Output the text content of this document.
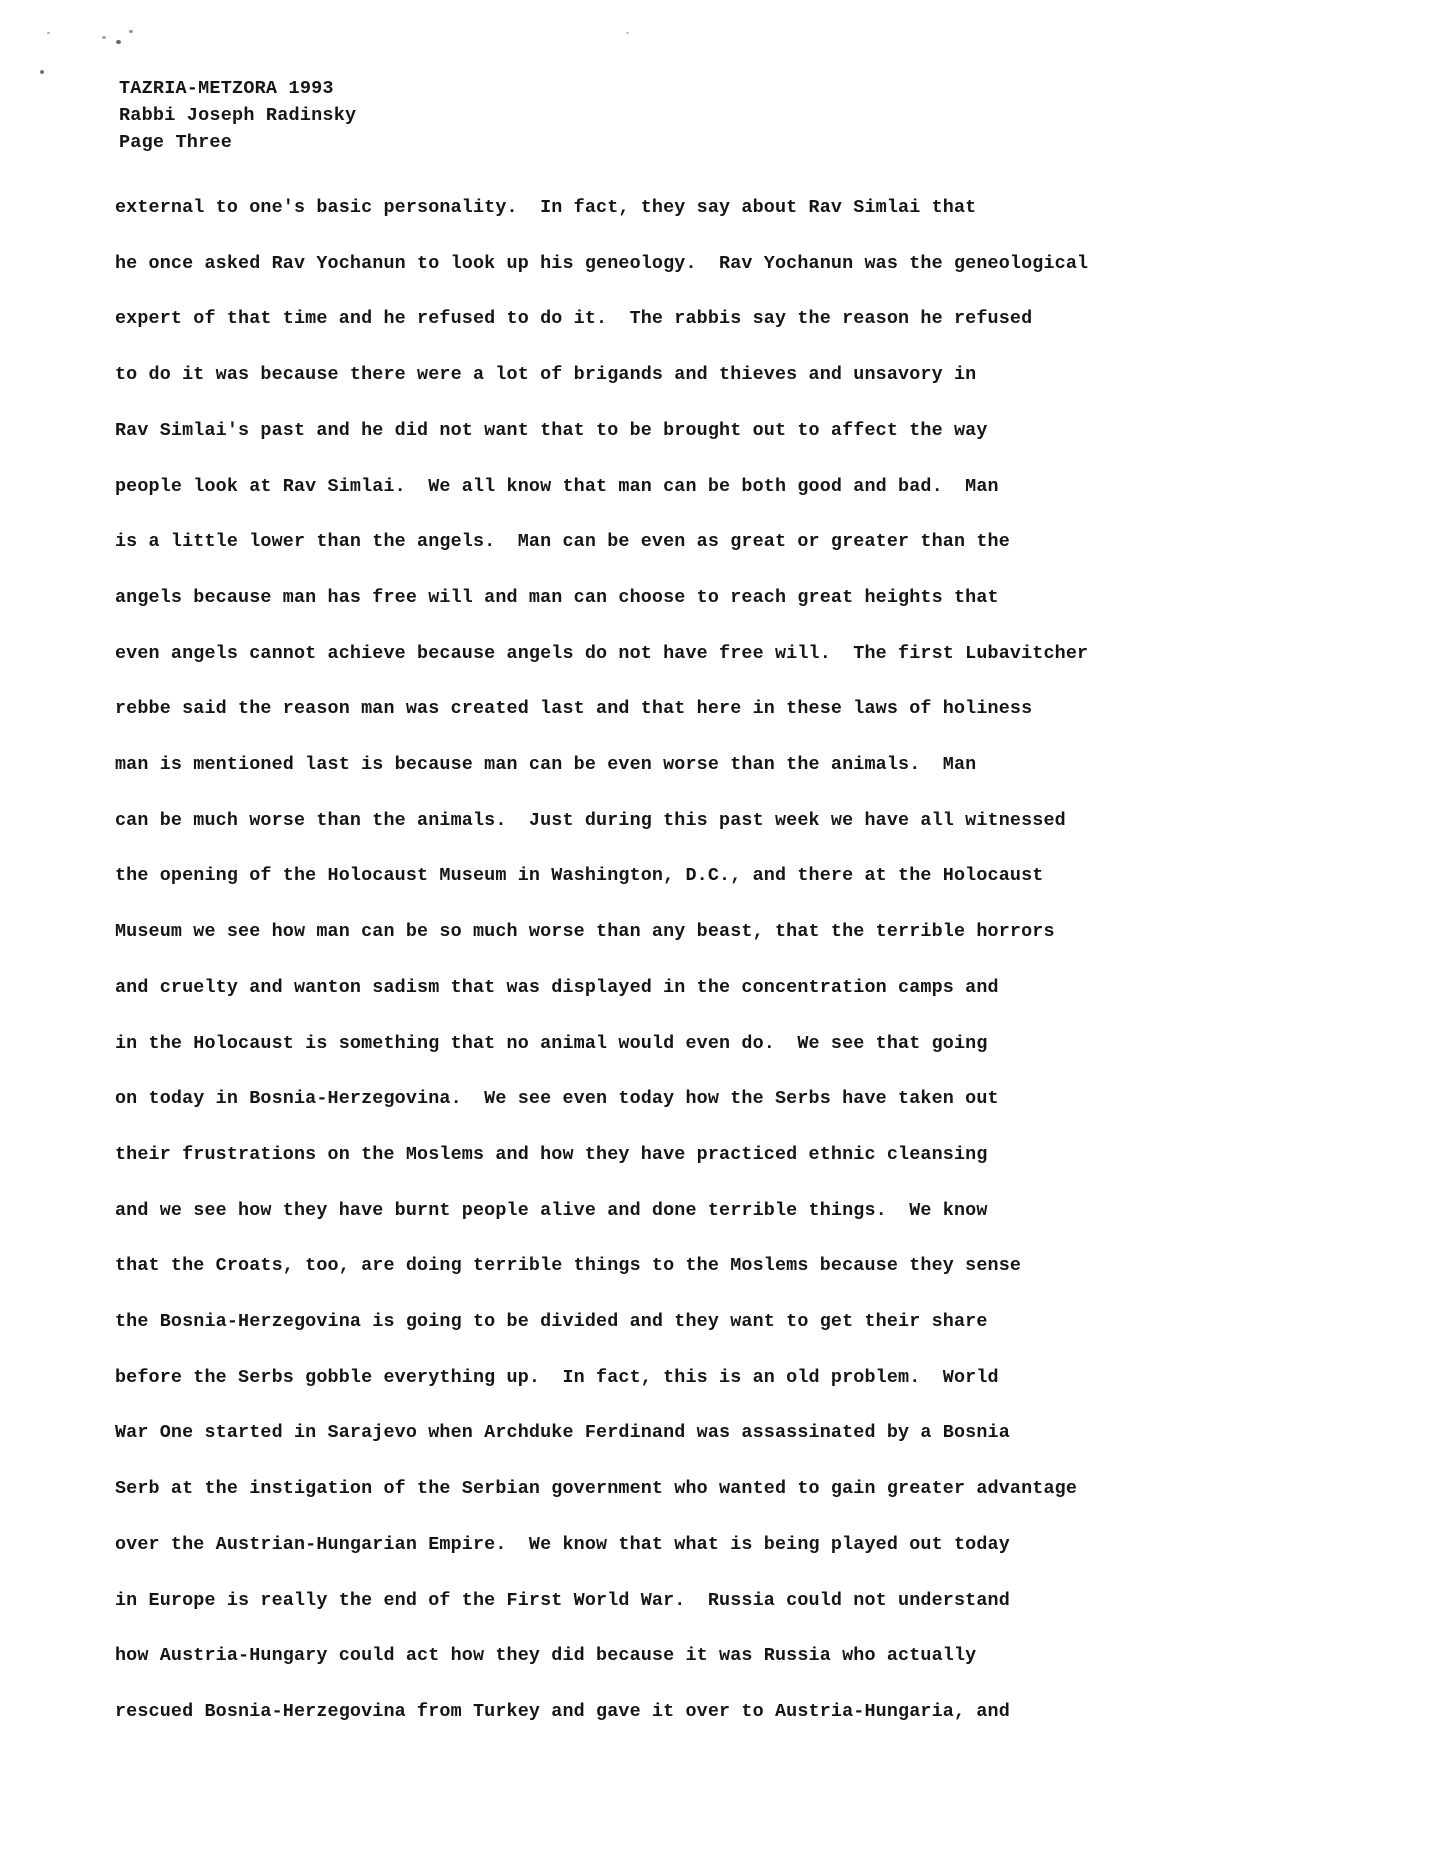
TAZRIA-METZORA 1993
Rabbi Joseph Radinsky
Page Three
external to one's basic personality.  In fact, they say about Rav Simlai that
he once asked Rav Yochanun to look up his geneology.  Rav Yochanun was the geneological
expert of that time and he refused to do it.  The rabbis say the reason he refused
to do it was because there were a lot of brigands and thieves and unsavory in
Rav Simlai's past and he did not want that to be brought out to affect the way
people look at Rav Simlai.  We all know that man can be both good and bad.  Man
is a little lower than the angels.  Man can be even as great or greater than the
angels because man has free will and man can choose to reach great heights that
even angels cannot achieve because angels do not have free will.  The first Lubavitcher
rebbe said the reason man was created last and that here in these laws of holiness
man is mentioned last is because man can be even worse than the animals.  Man
can be much worse than the animals.  Just during this past week we have all witnessed
the opening of the Holocaust Museum in Washington, D.C., and there at the Holocaust
Museum we see how man can be so much worse than any beast, that the terrible horrors
and cruelty and wanton sadism that was displayed in the concentration camps and
in the Holocaust is something that no animal would even do.  We see that going
on today in Bosnia-Herzegovina.  We see even today how the Serbs have taken out
their frustrations on the Moslems and how they have practiced ethnic cleansing
and we see how they have burnt people alive and done terrible things.  We know
that the Croats, too, are doing terrible things to the Moslems because they sense
the Bosnia-Herzegovina is going to be divided and they want to get their share
before the Serbs gobble everything up.  In fact, this is an old problem.  World
War One started in Sarajevo when Archduke Ferdinand was assassinated by a Bosnia
Serb at the instigation of the Serbian government who wanted to gain greater advantage
over the Austrian-Hungarian Empire.  We know that what is being played out today
in Europe is really the end of the First World War.  Russia could not understand
how Austria-Hungary could act how they did because it was Russia who actually
rescued Bosnia-Herzegovina from Turkey and gave it over to Austria-Hungaria, and
